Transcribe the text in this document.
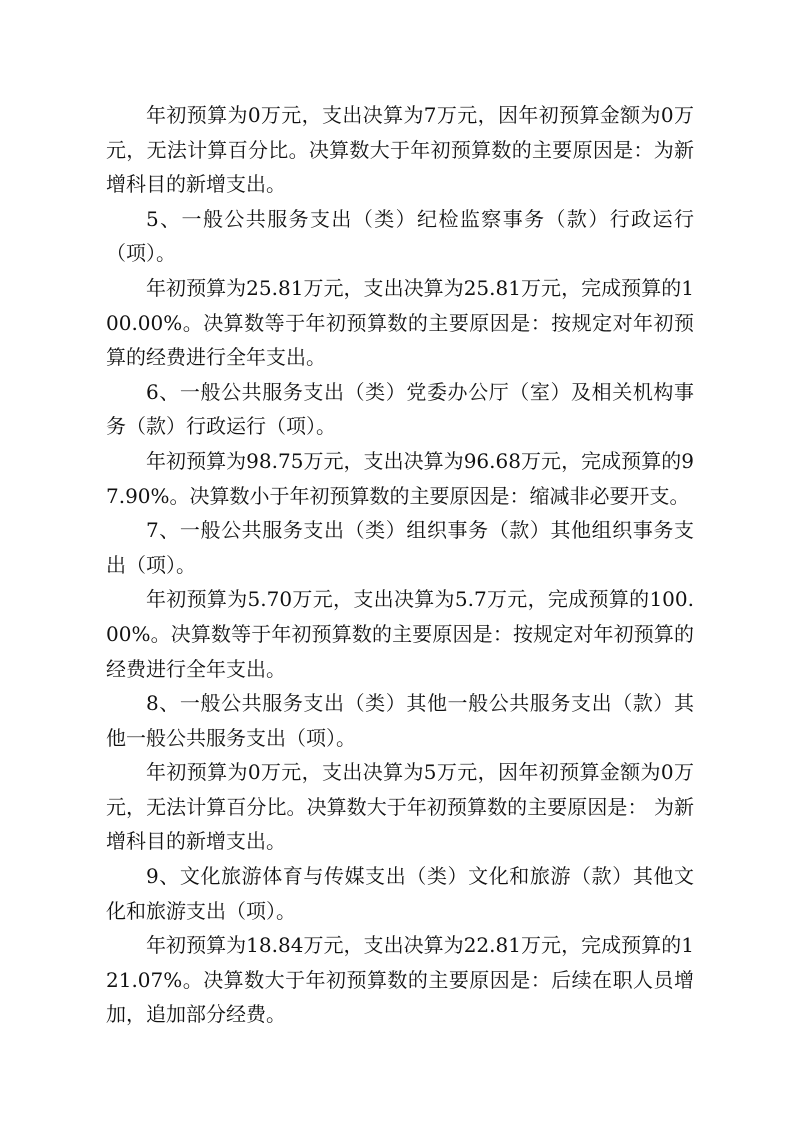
年初预算为0万元，支出决算为7万元，因年初预算金额为0万元，无法计算百分比。决算数大于年初预算数的主要原因是：为新增科目的新增支出。

5、一般公共服务支出（类）纪检监察事务（款）行政运行（项）。

年初预算为25.81万元，支出决算为25.81万元，完成预算的100.00%。决算数等于年初预算数的主要原因是：按规定对年初预算的经费进行全年支出。

6、一般公共服务支出（类）党委办公厅（室）及相关机构事务（款）行政运行（项）。

年初预算为98.75万元，支出决算为96.68万元，完成预算的97.90%。决算数小于年初预算数的主要原因是：缩减非必要开支。

7、一般公共服务支出（类）组织事务（款）其他组织事务支出（项）。

年初预算为5.70万元，支出决算为5.7万元，完成预算的100.00%。决算数等于年初预算数的主要原因是：按规定对年初预算的经费进行全年支出。

8、一般公共服务支出（类）其他一般公共服务支出（款）其他一般公共服务支出（项）。

年初预算为0万元，支出决算为5万元，因年初预算金额为0万元，无法计算百分比。决算数大于年初预算数的主要原因是： 为新增科目的新增支出。

9、文化旅游体育与传媒支出（类）文化和旅游（款）其他文化和旅游支出（项）。

年初预算为18.84万元，支出决算为22.81万元，完成预算的121.07%。决算数大于年初预算数的主要原因是：后续在职人员增加，追加部分经费。
